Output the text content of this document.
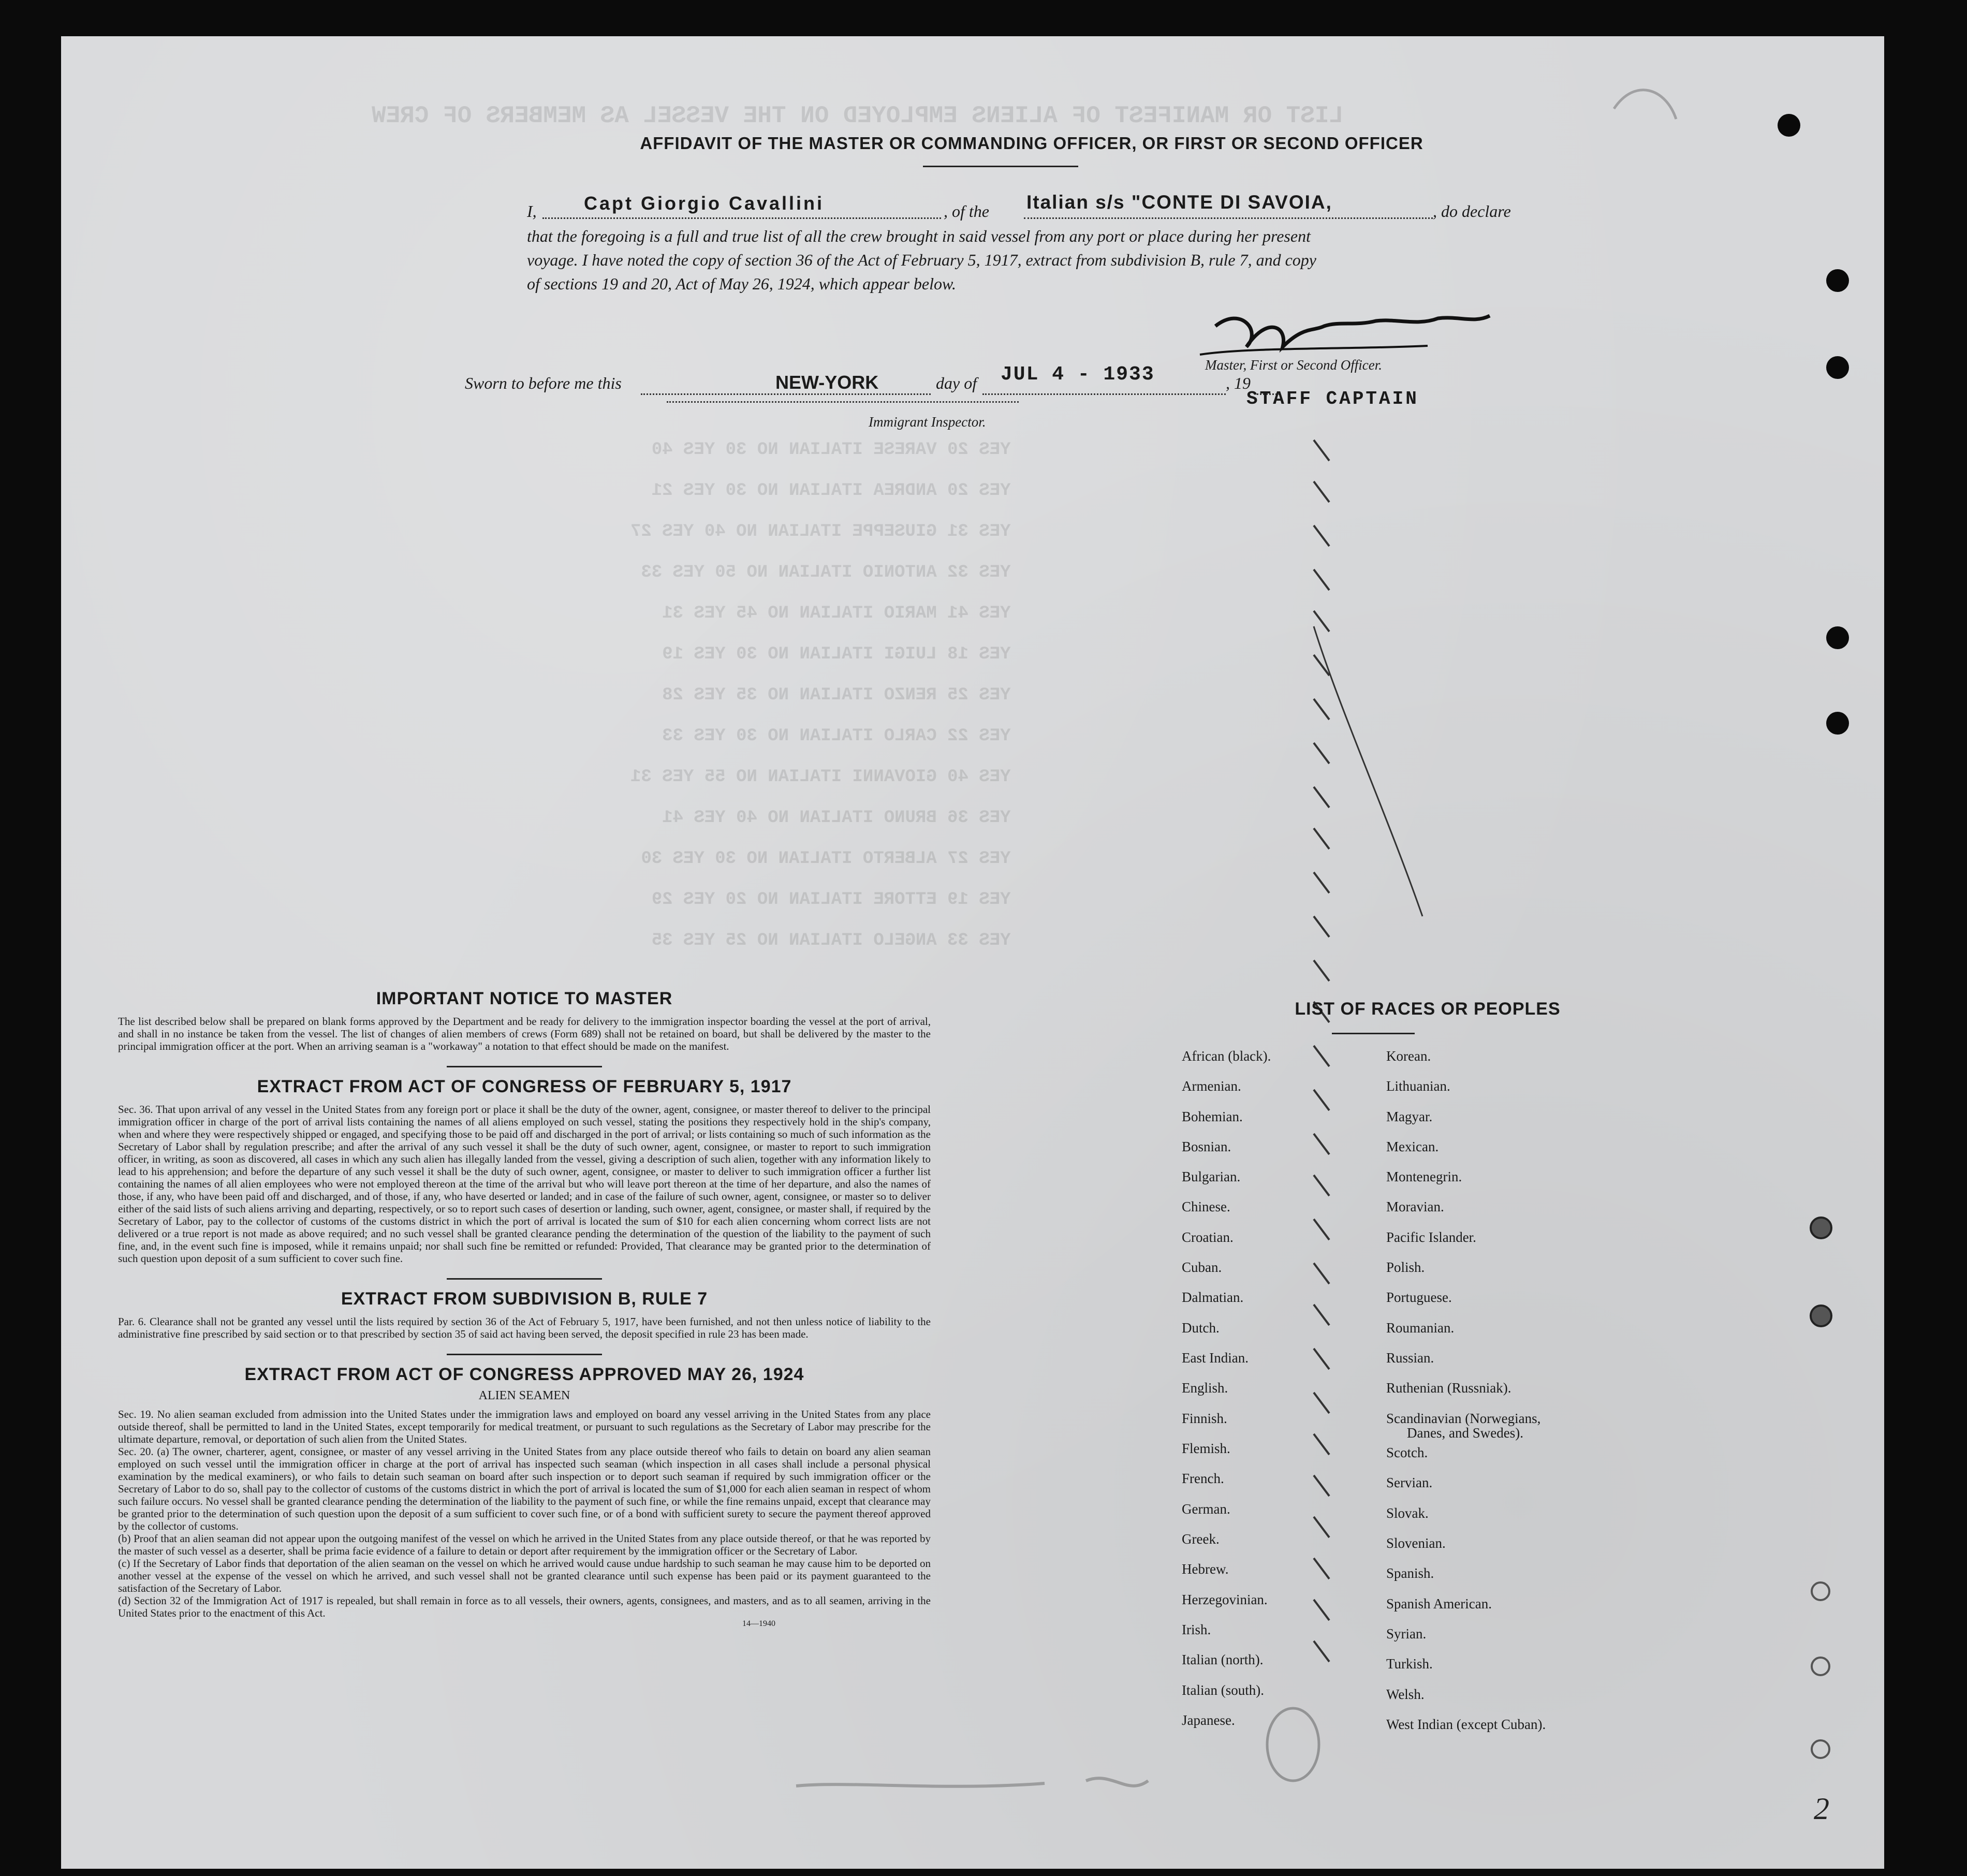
LIST OR MANIFEST OF ALIENS EMPLOYED ON THE VESSEL AS MEMBERS OF CREW
YES 20 VARESE ITALIAN NO 30 YES 40
YES 20 ANDREA ITALIAN NO 30 YES 21
YES 31 GIUSEPPE ITALIAN NO 40 YES 27
YES 32 ANTONIO ITALIAN NO 50 YES 33
YES 41 MARIO ITALIAN NO 45 YES 31
YES 18 LUIGI ITALIAN NO 30 YES 19
YES 25 RENZO ITALIAN NO 35 YES 28
YES 22 CARLO ITALIAN NO 30 YES 33
YES 40 GIOVANNI ITALIAN NO 55 YES 31
YES 36 BRUNO ITALIAN NO 40 YES 41
YES 27 ALBERTO ITALIAN NO 30 YES 30
YES 19 ETTORE ITALIAN NO 20 YES 29
YES 33 ANGELO ITALIAN NO 25 YES 35
AFFIDAVIT OF THE MASTER OR COMMANDING OFFICER, OR FIRST OR SECOND OFFICER
I,	Capt Giorgio Cavallini	, of the Italian s/s "CONTE DI SAVOIA,	, do declare
that the foregoing is a full and true list of all the crew brought in said vessel from any port or place during her present
voyage. I have noted the copy of section 36 of the Act of February 5, 1917, extract from subdivision B, rule 7, and copy
of sections 19 and 20, Act of May 26, 1924, which appear below.
Master, First or Second Officer.
Sworn to before me this	NEW-YORK	day of JUL 4 - 1933	, 19
STAFF CAPTAIN
Immigrant Inspector.
IMPORTANT NOTICE TO MASTER
The list described below shall be prepared on blank forms approved by the Department and be ready for delivery to the immigration inspector boarding the vessel at the port of arrival, and shall in no instance be taken from the vessel. The list of changes of alien members of crews (Form 689) shall not be retained on board, but shall be delivered by the master to the principal immigration officer at the port. When an arriving seaman is a "workaway" a notation to that effect should be made on the manifest.
EXTRACT FROM ACT OF CONGRESS OF FEBRUARY 5, 1917
Sec. 36. That upon arrival of any vessel in the United States from any foreign port or place it shall be the duty of the owner, agent, consignee, or master thereof to deliver to the principal immigration officer in charge of the port of arrival lists containing the names of all aliens employed on such vessel, stating the positions they respectively hold in the ship's company, when and where they were respectively shipped or engaged, and specifying those to be paid off and discharged in the port of arrival; or lists containing so much of such information as the Secretary of Labor shall by regulation prescribe; and after the arrival of any such vessel it shall be the duty of such owner, agent, consignee, or master to report to such immigration officer, in writing, as soon as discovered, all cases in which any such alien has illegally landed from the vessel, giving a description of such alien, together with any information likely to lead to his apprehension; and before the departure of any such vessel it shall be the duty of such owner, agent, consignee, or master to deliver to such immigration officer a further list containing the names of all alien employees who were not employed thereon at the time of the arrival but who will leave port thereon at the time of her departure, and also the names of those, if any, who have been paid off and discharged, and of those, if any, who have deserted or landed; and in case of the failure of such owner, agent, consignee, or master so to deliver either of the said lists of such aliens arriving and departing, respectively, or so to report such cases of desertion or landing, such owner, agent, consignee, or master shall, if required by the Secretary of Labor, pay to the collector of customs of the customs district in which the port of arrival is located the sum of $10 for each alien concerning whom correct lists are not delivered or a true report is not made as above required; and no such vessel shall be granted clearance pending the determination of the question of the liability to the payment of such fine, and, in the event such fine is imposed, while it remains unpaid; nor shall such fine be remitted or refunded: Provided, That clearance may be granted prior to the determination of such question upon deposit of a sum sufficient to cover such fine.
EXTRACT FROM SUBDIVISION B, RULE 7
Par. 6. Clearance shall not be granted any vessel until the lists required by section 36 of the Act of February 5, 1917, have been furnished, and not then unless notice of liability to the administrative fine prescribed by said section or to that prescribed by section 35 of said act having been served, the deposit specified in rule 23 has been made.
EXTRACT FROM ACT OF CONGRESS APPROVED MAY 26, 1924
ALIEN SEAMEN
Sec. 19. No alien seaman excluded from admission into the United States under the immigration laws and employed on board any vessel arriving in the United States from any place outside thereof, shall be permitted to land in the United States, except temporarily for medical treatment, or pursuant to such regulations as the Secretary of Labor may prescribe for the ultimate departure, removal, or deportation of such alien from the United States.
Sec. 20. (a) The owner, charterer, agent, consignee, or master of any vessel arriving in the United States from any place outside thereof who fails to detain on board any alien seaman employed on such vessel until the immigration officer in charge at the port of arrival has inspected such seaman (which inspection in all cases shall include a personal physical examination by the medical examiners), or who fails to detain such seaman on board after such inspection or to deport such seaman if required by such immigration officer or the Secretary of Labor to do so, shall pay to the collector of customs of the customs district in which the port of arrival is located the sum of $1,000 for each alien seaman in respect of whom such failure occurs. No vessel shall be granted clearance pending the determination of the liability to the payment of such fine, or while the fine remains unpaid, except that clearance may be granted prior to the determination of such question upon the deposit of a sum sufficient to cover such fine, or of a bond with sufficient surety to secure the payment thereof approved by the collector of customs.
(b) Proof that an alien seaman did not appear upon the outgoing manifest of the vessel on which he arrived in the United States from any place outside thereof, or that he was reported by the master of such vessel as a deserter, shall be prima facie evidence of a failure to detain or deport after requirement by the immigration officer or the Secretary of Labor.
(c) If the Secretary of Labor finds that deportation of the alien seaman on the vessel on which he arrived would cause undue hardship to such seaman he may cause him to be deported on another vessel at the expense of the vessel on which he arrived, and such vessel shall not be granted clearance until such expense has been paid or its payment guaranteed to the satisfaction of the Secretary of Labor.
(d) Section 32 of the Immigration Act of 1917 is repealed, but shall remain in force as to all vessels, their owners, agents, consignees, and masters, and as to all seamen, arriving in the United States prior to the enactment of this Act.
14—1940
LIST OF RACES OR PEOPLES
African (black).
Armenian.
Bohemian.
Bosnian.
Bulgarian.
Chinese.
Croatian.
Cuban.
Dalmatian.
Dutch.
East Indian.
English.
Finnish.
Flemish.
French.
German.
Greek.
Hebrew.
Herzegovinian.
Irish.
Italian (north).
Italian (south).
Japanese.
Korean.
Lithuanian.
Magyar.
Mexican.
Montenegrin.
Moravian.
Pacific Islander.
Polish.
Portuguese.
Roumanian.
Russian.
Ruthenian (Russniak).
Scandinavian (Norwegians,
Danes, and Swedes).
Scotch.
Servian.
Slovak.
Slovenian.
Spanish.
Spanish American.
Syrian.
Turkish.
Welsh.
West Indian (except Cuban).
2
